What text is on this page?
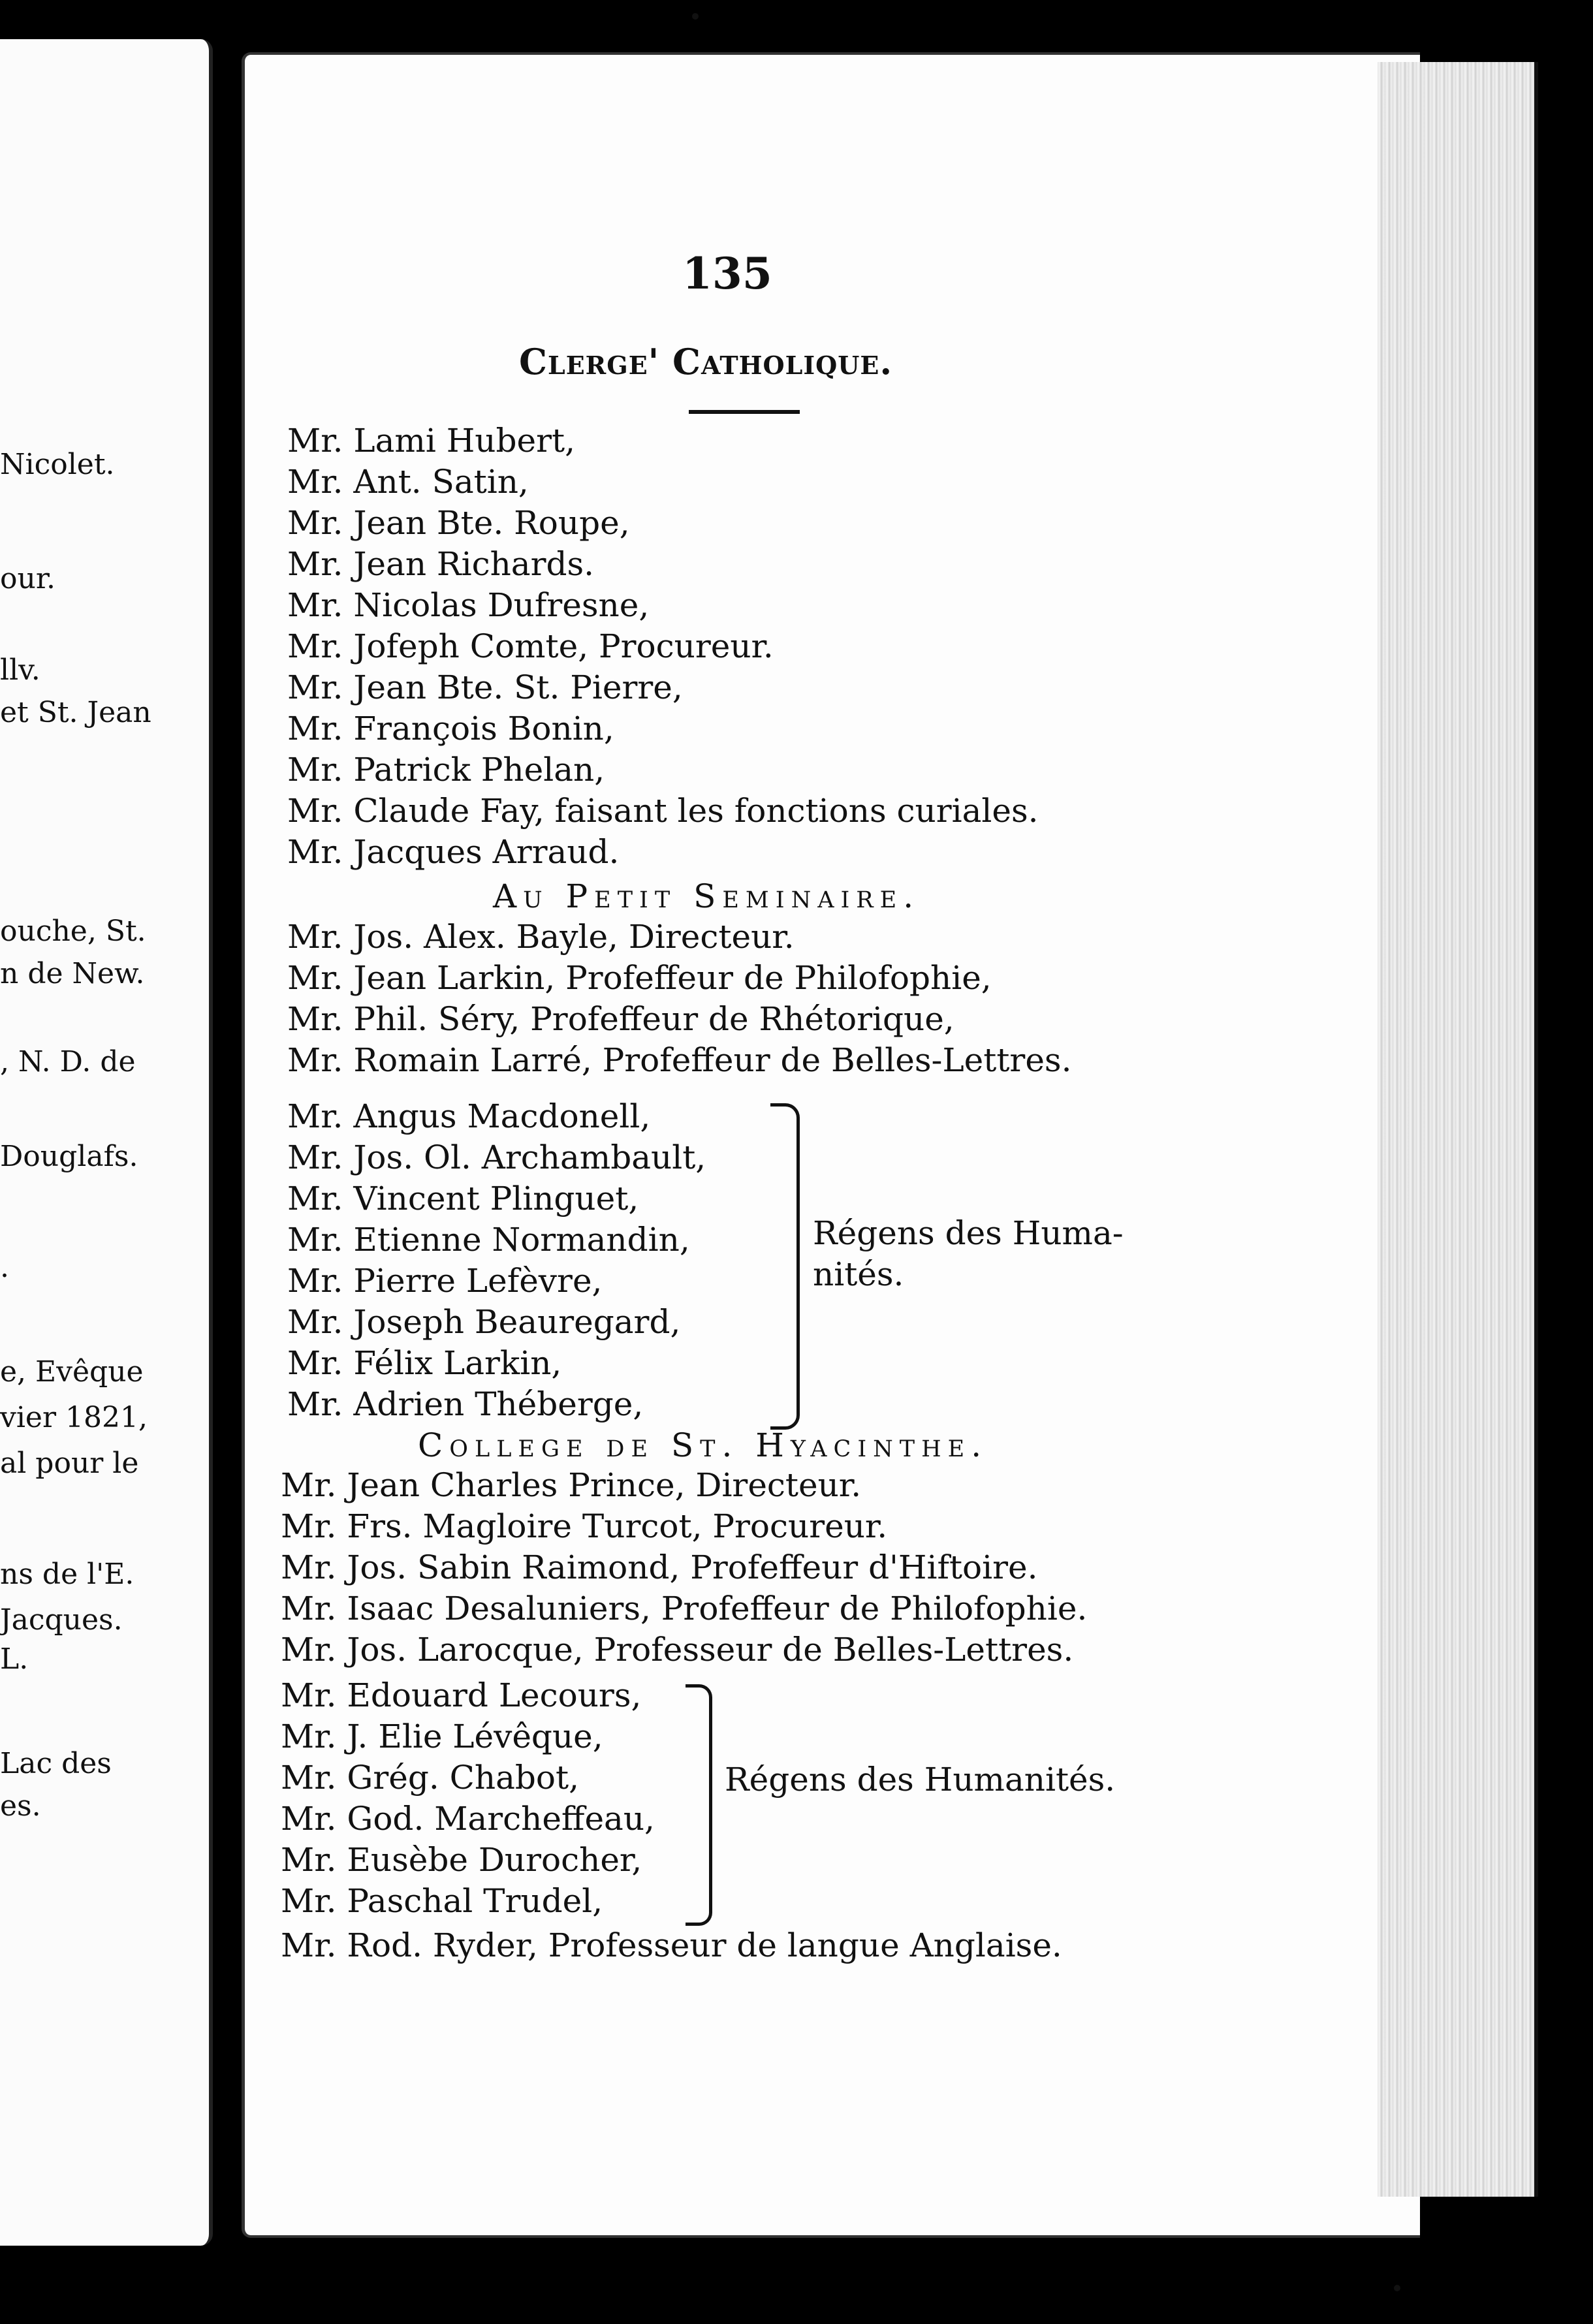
Nicolet.
our.
llv.
et St. Jean
ouche, St.
n de New.
, N. D. de
Douglafs.
.
e, Evêque
vier 1821,
al pour le
ns de l'E.
Jacques.
L.
Lac des
es.
135
Clerge' Catholique.
Mr. Lami Hubert,
Mr. Ant. Satin,
Mr. Jean Bte. Roupe,
Mr. Jean Richards.
Mr. Nicolas Dufresne,
Mr. Jofeph Comte, Procureur.
Mr. Jean Bte. St. Pierre,
Mr. François Bonin,
Mr. Patrick Phelan,
Mr. Claude Fay, faisant les fonctions curiales.
Mr. Jacques Arraud.
Au Petit Seminaire.
Mr. Jos. Alex. Bayle, Directeur.
Mr. Jean Larkin, Profeffeur de Philofophie,
Mr. Phil. Séry, Profeffeur de Rhétorique,
Mr. Romain Larré, Profeffeur de Belles-Lettres.
Mr. Angus Macdonell,
Mr. Jos. Ol. Archambault,
Mr. Vincent Plinguet,
Mr. Etienne Normandin,
Mr. Pierre Lefèvre,
Mr. Joseph Beauregard,
Mr. Félix Larkin,
Mr. Adrien Théberge,
Régens des Huma-
nités.
College de St. Hyacinthe.
Mr. Jean Charles Prince, Directeur.
Mr. Frs. Magloire Turcot, Procureur.
Mr. Jos. Sabin Raimond, Profeffeur d'Hiftoire.
Mr. Isaac Desaluniers, Profeffeur de Philofophie.
Mr. Jos. Larocque, Professeur de Belles-Lettres.
Mr. Edouard Lecours,
Mr. J. Elie Lévêque,
Mr. Grég. Chabot,
Mr. God. Marcheffeau,
Mr. Eusèbe Durocher,
Mr. Paschal Trudel,
Régens des Humanités.
Mr. Rod. Ryder, Professeur de langue Anglaise.
